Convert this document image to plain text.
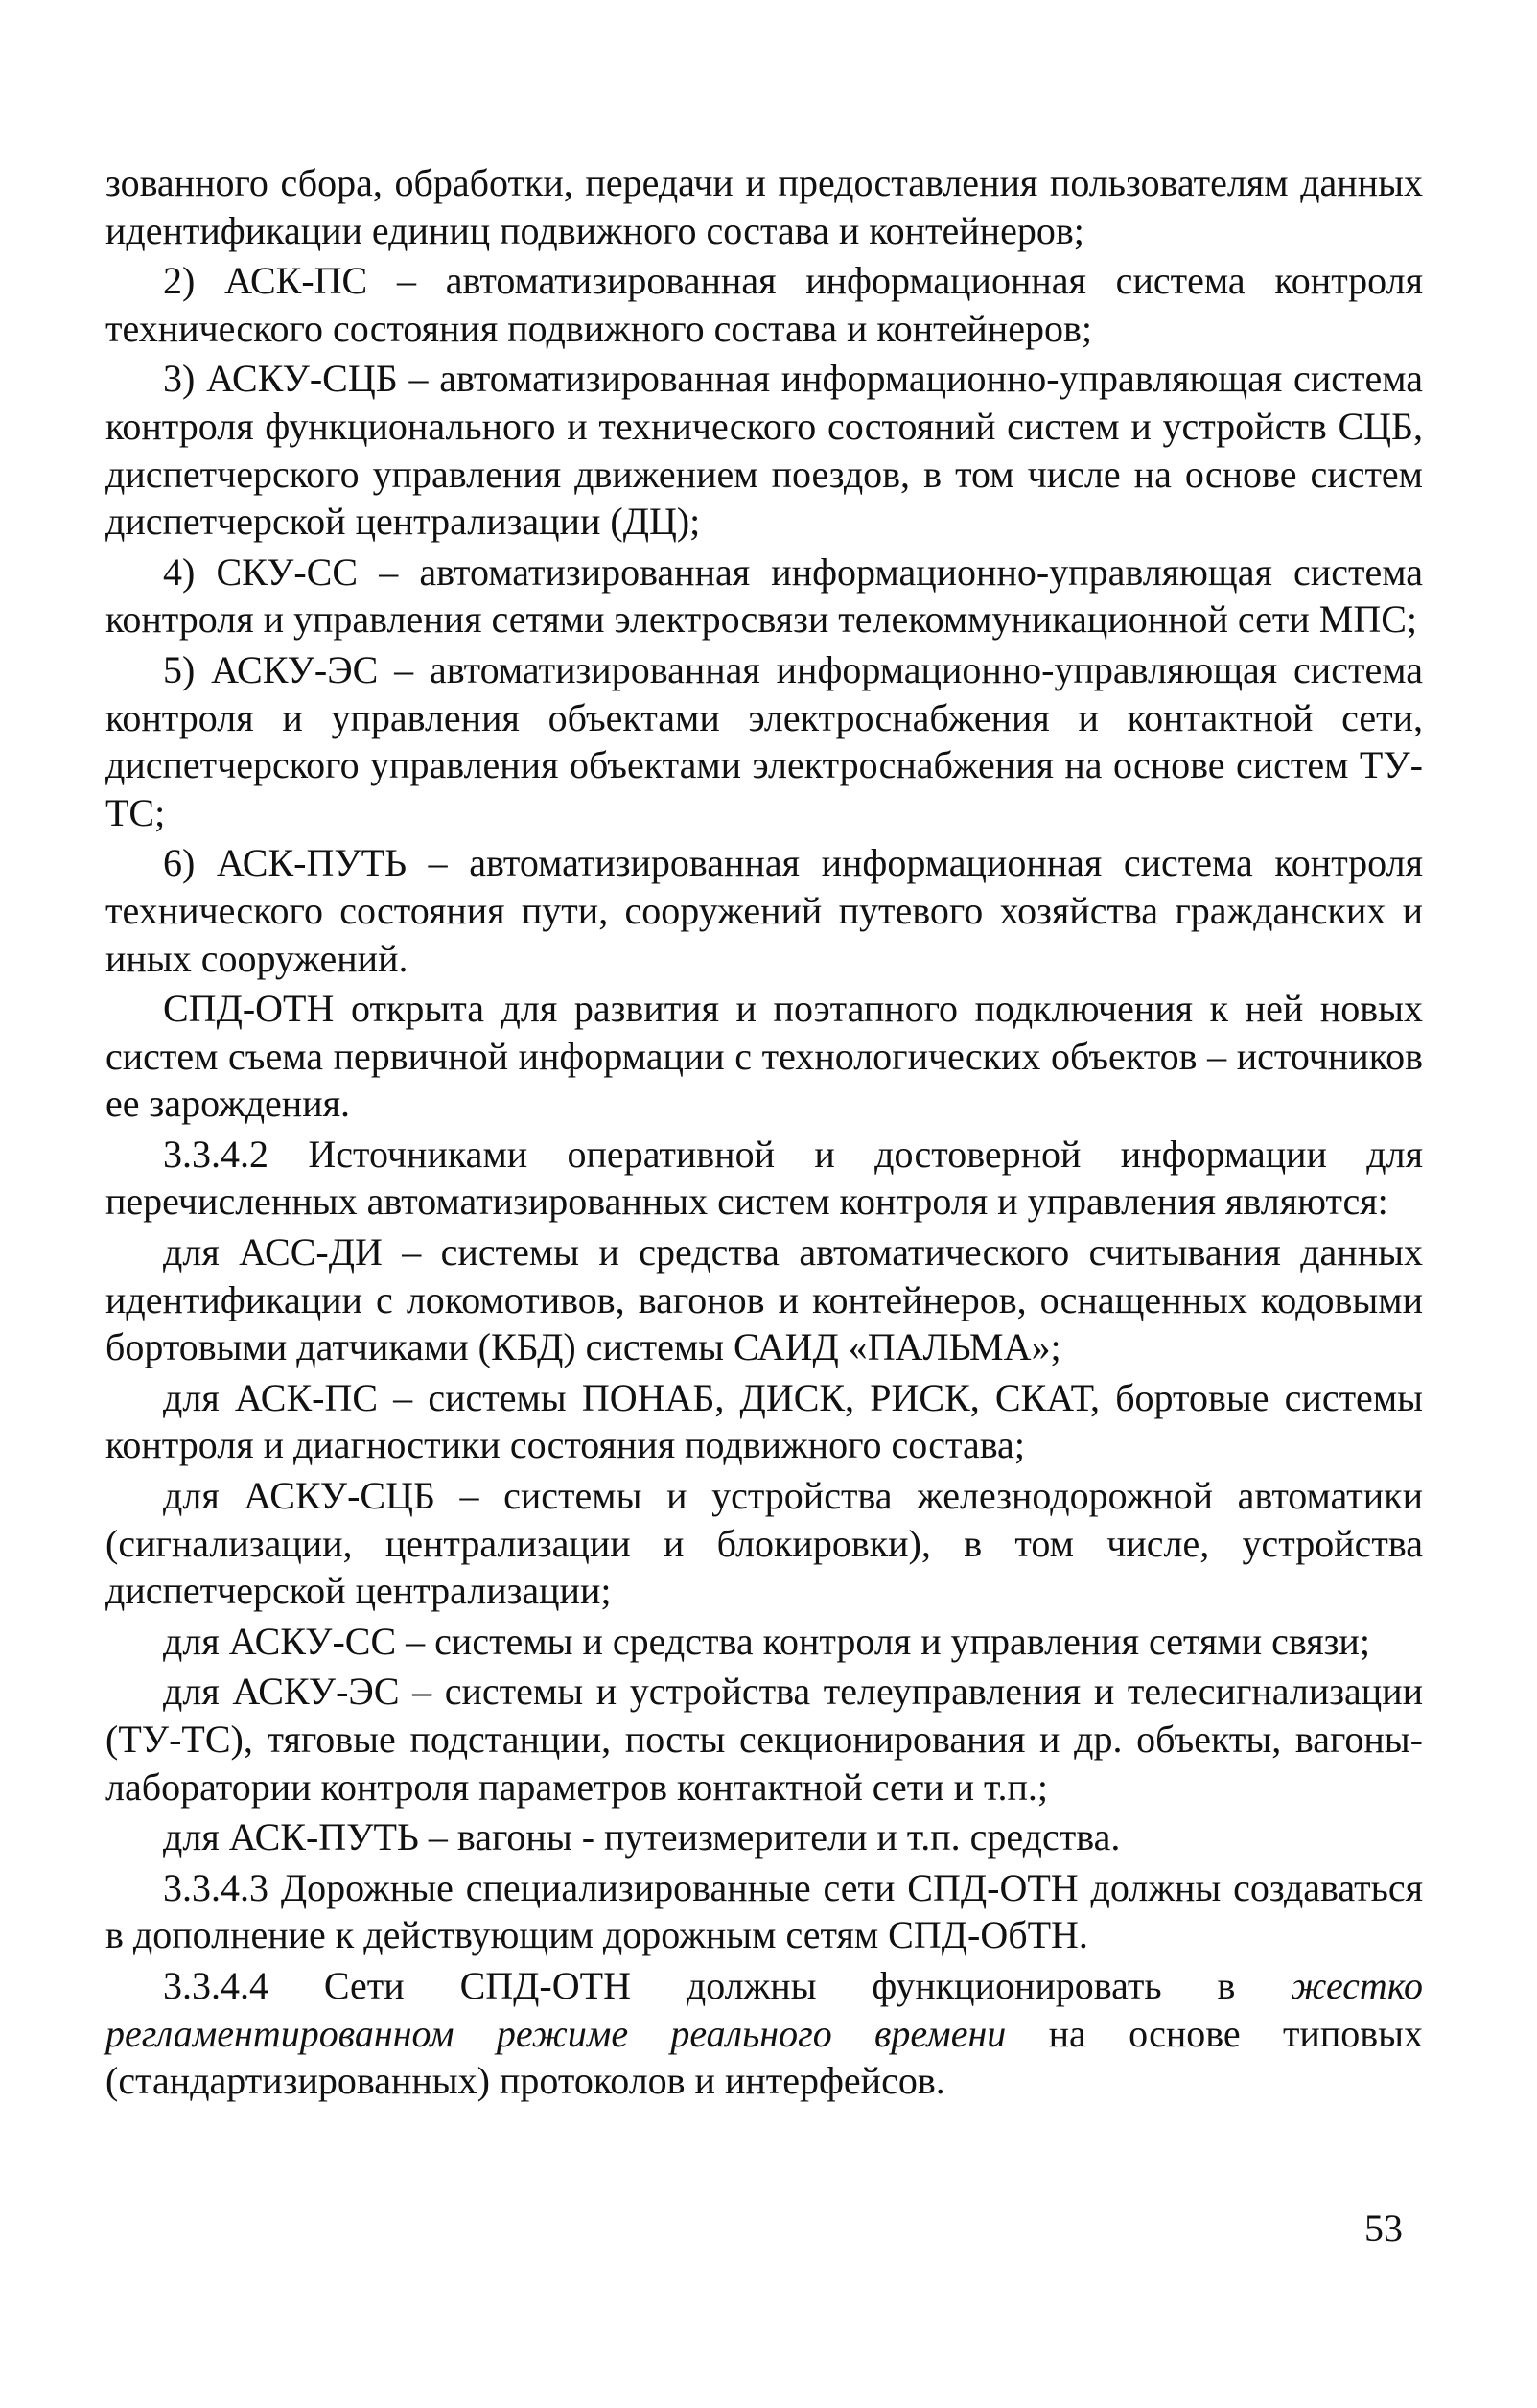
зованного сбора, обработки, передачи и предоставления пользователям данных идентификации единиц подвижного состава и контейнеров;

2) АСК-ПС – автоматизированная информационная система контроля технического состояния подвижного состава и контейнеров;

3) АСКУ-СЦБ – автоматизированная информационно-управляющая система контроля функционального и технического состояний систем и устройств СЦБ, диспетчерского управления движением поездов, в том числе на основе систем диспетчерской централизации (ДЦ);

4) СКУ-СС – автоматизированная информационно-управляющая система контроля и управления сетями электросвязи телекоммуникационной сети МПС;

5) АСКУ-ЭС – автоматизированная информационно-управляющая система контроля и управления объектами электроснабжения и контактной сети, диспетчерского управления объектами электроснабжения на основе систем ТУ-ТС;

6) АСК-ПУТЬ – автоматизированная информационная система контроля технического состояния пути, сооружений путевого хозяйства гражданских и иных сооружений.

СПД-ОТН открыта для развития и поэтапного подключения к ней новых систем съема первичной информации с технологических объектов – источников ее зарождения.

3.3.4.2 Источниками оперативной и достоверной информации для перечисленных автоматизированных систем контроля и управления являются:

для АСС-ДИ – системы и средства автоматического считывания данных идентификации с локомотивов, вагонов и контейнеров, оснащенных кодовыми бортовыми датчиками (КБД) системы САИД «ПАЛЬМА»;

для АСК-ПС – системы ПОНАБ, ДИСК, РИСК, СКАТ, бортовые системы контроля и диагностики состояния подвижного состава;

для АСКУ-СЦБ – системы и устройства железнодорожной автоматики (сигнализации, централизации и блокировки), в том числе, устройства диспетчерской централизации;

для АСКУ-СС – системы и средства контроля и управления сетями связи;

для АСКУ-ЭС – системы и устройства телеуправления и телесигнализации (ТУ-ТС), тяговые подстанции, посты секционирования и др. объекты, вагоны-лаборатории контроля параметров контактной сети и т.п.;

для АСК-ПУТЬ – вагоны - путеизмерители и т.п. средства.

3.3.4.3 Дорожные специализированные сети СПД-ОТН должны создаваться в дополнение к действующим дорожным сетям СПД-ОбТН.

3.3.4.4 Сети СПД-ОТН должны функционировать в жестко регламентированном режиме реального времени на основе типовых (стандартизированных) протоколов и интерфейсов.

53
